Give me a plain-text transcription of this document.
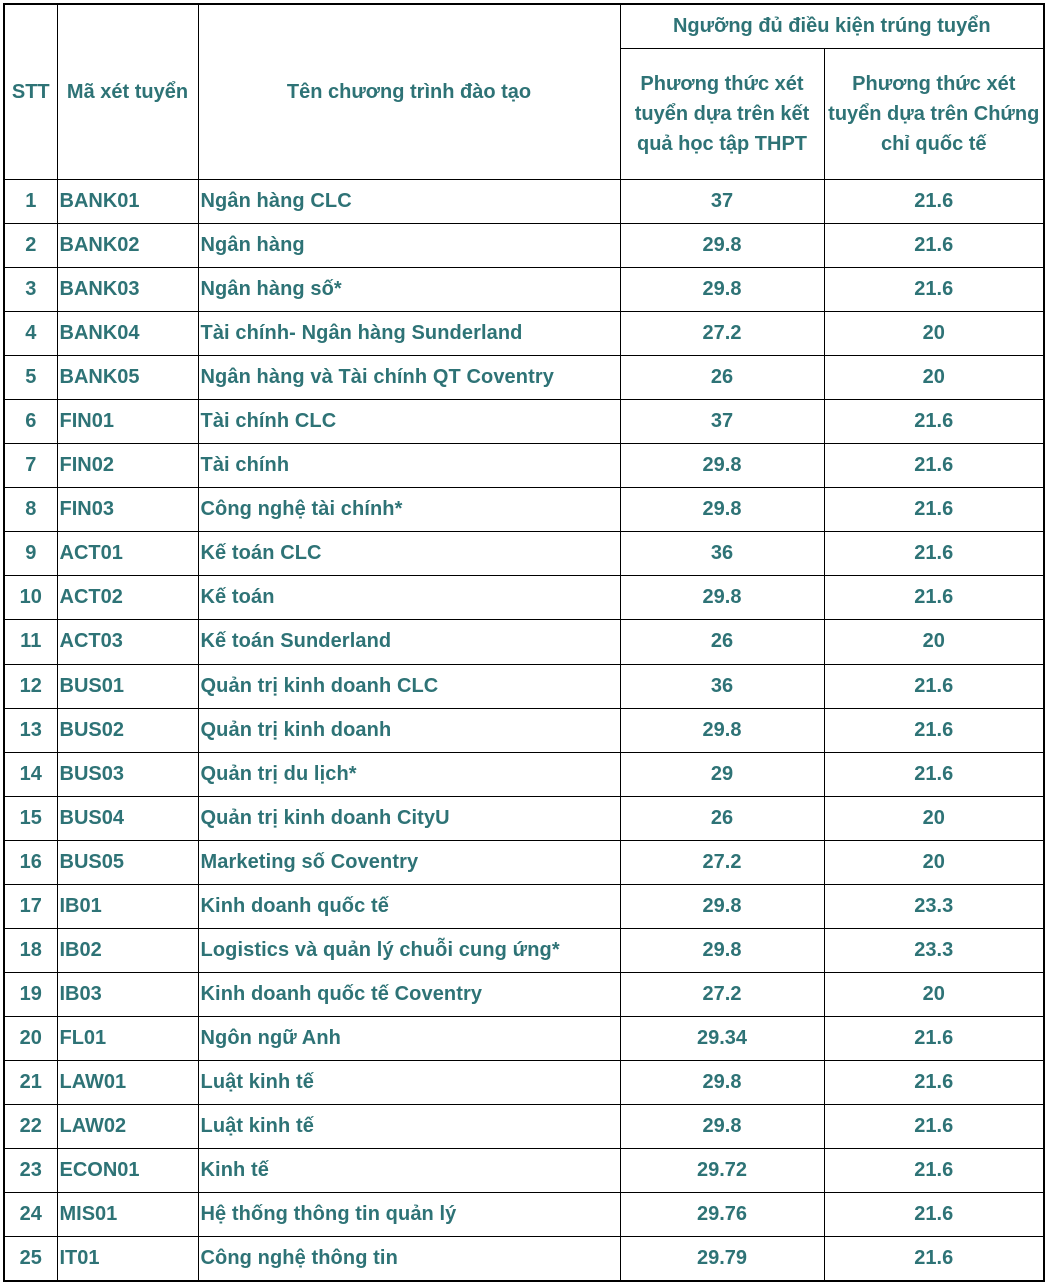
STT	Mã xét tuyển	Tên chương trình đào tạo	Ngưỡng đủ điều kiện trúng tuyển	
			Phương thức xét tuyển dựa trên kết quả học tập THPT	Phương thức xét tuyển dựa trên Chứng chỉ quốc tế
1	BANK01	Ngân hàng CLC	37	21.6
2	BANK02	Ngân hàng	29.8	21.6
3	BANK03	Ngân hàng số*	29.8	21.6
4	BANK04	Tài chính- Ngân hàng Sunderland	27.2	20
5	BANK05	Ngân hàng và Tài chính QT Coventry	26	20
6	FIN01	Tài chính CLC	37	21.6
7	FIN02	Tài chính	29.8	21.6
8	FIN03	Công nghệ tài chính*	29.8	21.6
9	ACT01	Kế toán CLC	36	21.6
10	ACT02	Kế toán	29.8	21.6
11	ACT03	Kế toán Sunderland	26	20
12	BUS01	Quản trị kinh doanh CLC	36	21.6
13	BUS02	Quản trị kinh doanh	29.8	21.6
14	BUS03	Quản trị du lịch*	29	21.6
15	BUS04	Quản trị kinh doanh CityU	26	20
16	BUS05	Marketing số Coventry	27.2	20
17	IB01	Kinh doanh quốc tế	29.8	23.3
18	IB02	Logistics và quản lý chuỗi cung ứng*	29.8	23.3
19	IB03	Kinh doanh quốc tế Coventry	27.2	20
20	FL01	Ngôn ngữ Anh	29.34	21.6
21	LAW01	Luật kinh tế	29.8	21.6
22	LAW02	Luật kinh tế	29.8	21.6
23	ECON01	Kinh tế	29.72	21.6
24	MIS01	Hệ thống thông tin quản lý	29.76	21.6
25	IT01	Công nghệ thông tin	29.79	21.6
